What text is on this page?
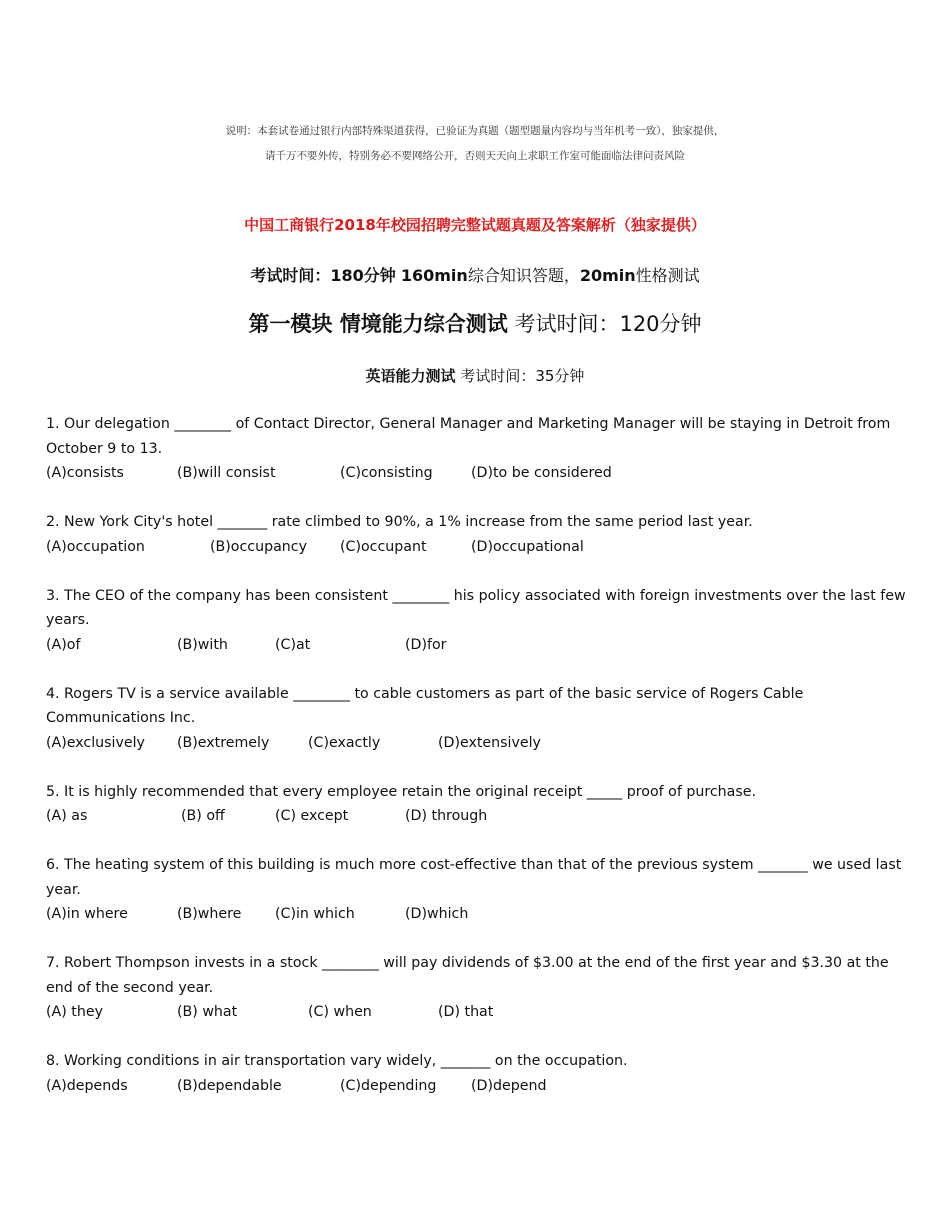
说明：本套试卷通过银行内部特殊渠道获得，已验证为真题（题型题量内容均与当年机考一致），独家提供，
请千万不要外传，特别务必不要网络公开，否则天天向上求职工作室可能面临法律问责风险
中国工商银行2018年校园招聘完整试题真题及答案解析（独家提供）
考试时间：180分钟 160min综合知识答题，20min性格测试
第一模块 情境能力综合测试 考试时间：120分钟
英语能力测试 考试时间：35分钟

1. Our delegation ________ of Contact Director, General Manager and Marketing Manager will be staying in Detroit from October 9 to 13.

(A)consists	(B)will consist	(C)consisting	(D)to be considered

2. New York City's hotel _______ rate climbed to 90%, a 1% increase from the same period last year.

(A)occupation	(B)occupancy (C)occupant	(D)occupational

3. The CEO of the company has been consistent ________ his policy associated with foreign investments over the last few years.

(A)of	(B)with	(C)at	(D)for

4. Rogers TV is a service available ________ to cable customers as part of the basic service of Rogers Cable Communications Inc.

(A)exclusively (B)extremely	(C)exactly	(D)extensively

5. It is highly recommended that every employee retain the original receipt _____ proof of purchase.

(A) as	(B) off	(C) except	(D) through

6. The heating system of this building is much more cost-effective than that of the previous system _______ we used last year.

(A)in where	(B)where (C)in which	(D)which

7. Robert Thompson invests in a stock ________ will pay dividends of $3.00 at the end of the first year and $3.30 at the end of the second year.

(A) they	(B) what	(C) when	(D) that

8. Working conditions in air transportation vary widely, _______ on the occupation.

(A)depends	(B)dependable	(C)depending (D)depend
